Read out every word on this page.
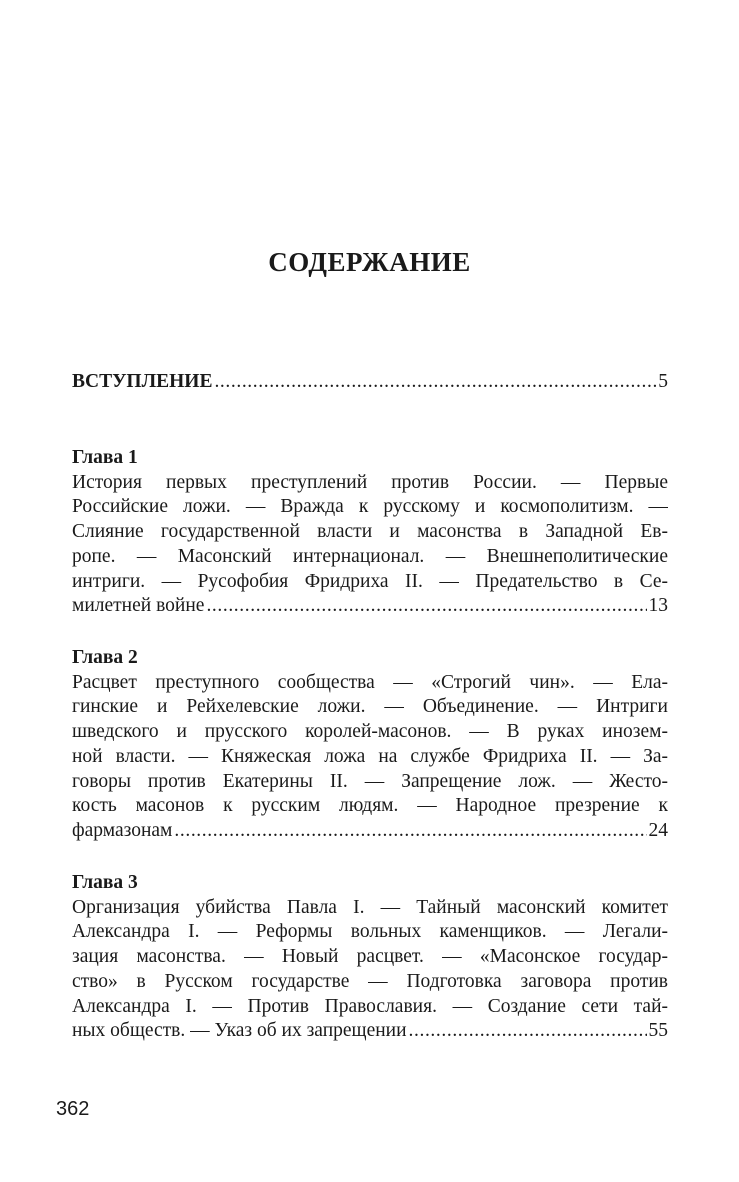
СОДЕРЖАНИЕ
ВСТУПЛЕНИЕ .....	5
Глава 1
История первых преступлений против России. — Первые
Российские ложи. — Вражда к русскому и космополитизм. —
Слияние государственной власти и масонства в Западной Ев-
ропе. — Масонский интернационал. — Внешнеполитические
интриги. — Русофобия Фридриха II. — Предательство в Се-
милетней войне .....	13
Глава 2
Расцвет преступного сообщества — «Строгий чин». — Ела-
гинские и Рейхелевские ложи. — Объединение. — Интриги
шведского и прусского королей-масонов. — В руках инозем-
ной власти. — Княжеская ложа на службе Фридриха II. — За-
говоры против Екатерины II. — Запрещение лож. — Жесто-
кость масонов к русским людям. — Народное презрение к
фармазонам .....	24
Глава 3
Организация убийства Павла I. — Тайный масонский комитет
Александра I. — Реформы вольных каменщиков. — Легали-
зация масонства. — Новый расцвет. — «Масонское государ-
ство» в Русском государстве — Подготовка заговора против
Александра I. — Против Православия. — Создание сети тай-
ных обществ. — Указ об их запрещении .....	55
362
